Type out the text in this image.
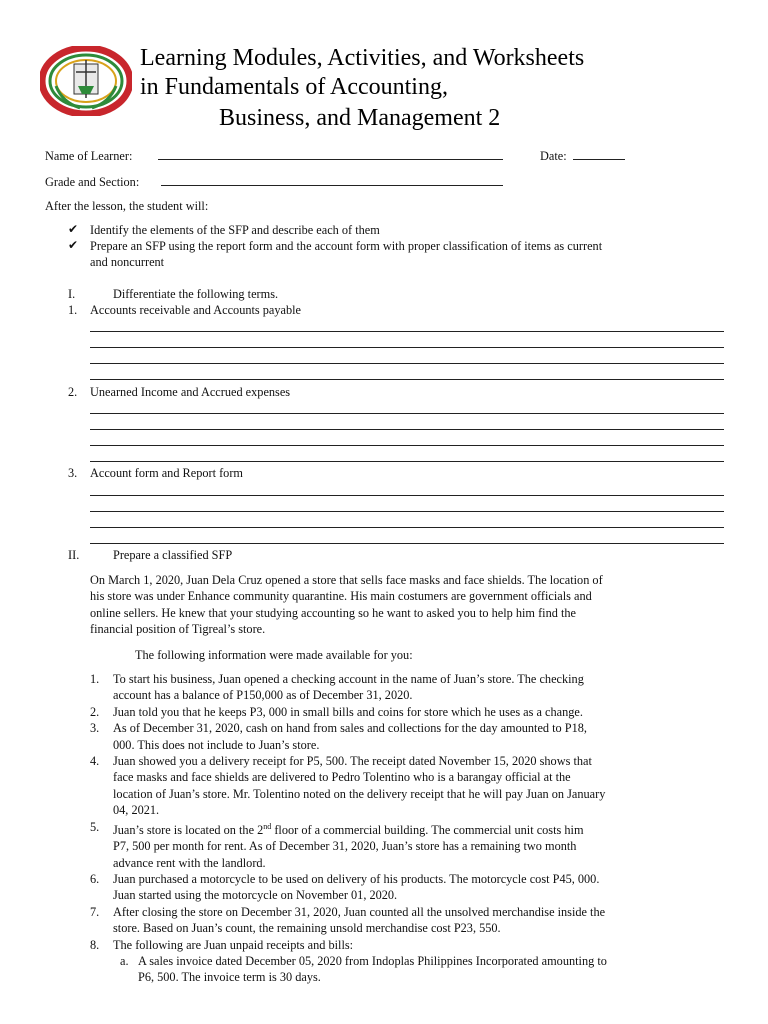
Learning Modules, Activities, and Worksheets
in Fundamentals of Accounting,
Business, and Management 2
Name of Learner:	Date:
Grade and Section:
After the lesson, the student will:
✔ Identify the elements of the SFP and describe each of them
✔ Prepare an SFP using the report form and the account form with proper classification of items as current
and noncurrent
I.	Differentiate the following terms.
1. Accounts receivable and Accounts payable
2. Unearned Income and Accrued expenses
3. Account form and Report form
II.	Prepare a classified SFP
On March 1, 2020, Juan Dela Cruz opened a store that sells face masks and face shields. The location of
his store was under Enhance community quarantine. His main costumers are government officials and
online sellers. He knew that your studying accounting so he want to asked you to help him find the
financial position of Tigreal’s store.
The following information were made available for you:
1. To start his business, Juan opened a checking account in the name of Juan’s store. The checking
account has a balance of P150,000 as of December 31, 2020.
2. Juan told you that he keeps P3, 000 in small bills and coins for store which he uses as a change.
3. As of December 31, 2020, cash on hand from sales and collections for the day amounted to P18,
000. This does not include to Juan’s store.
4. Juan showed you a delivery receipt for P5, 500. The receipt dated November 15, 2020 shows that
face masks and face shields are delivered to Pedro Tolentino who is a barangay official at the
location of Juan’s store. Mr. Tolentino noted on the delivery receipt that he will pay Juan on January
04, 2021.
5. Juan’s store is located on the 2nd floor of a commercial building. The commercial unit costs him
P7, 500 per month for rent. As of December 31, 2020, Juan’s store has a remaining two month
advance rent with the landlord.
6. Juan purchased a motorcycle to be used on delivery of his products. The motorcycle cost P45, 000.
Juan started using the motorcycle on November 01, 2020.
7. After closing the store on December 31, 2020, Juan counted all the unsolved merchandise inside the
store. Based on Juan’s count, the remaining unsold merchandise cost P23, 550.
8. The following are Juan unpaid receipts and bills:
a. A sales invoice dated December 05, 2020 from Indoplas Philippines Incorporated amounting to
P6, 500. The invoice term is 30 days.
